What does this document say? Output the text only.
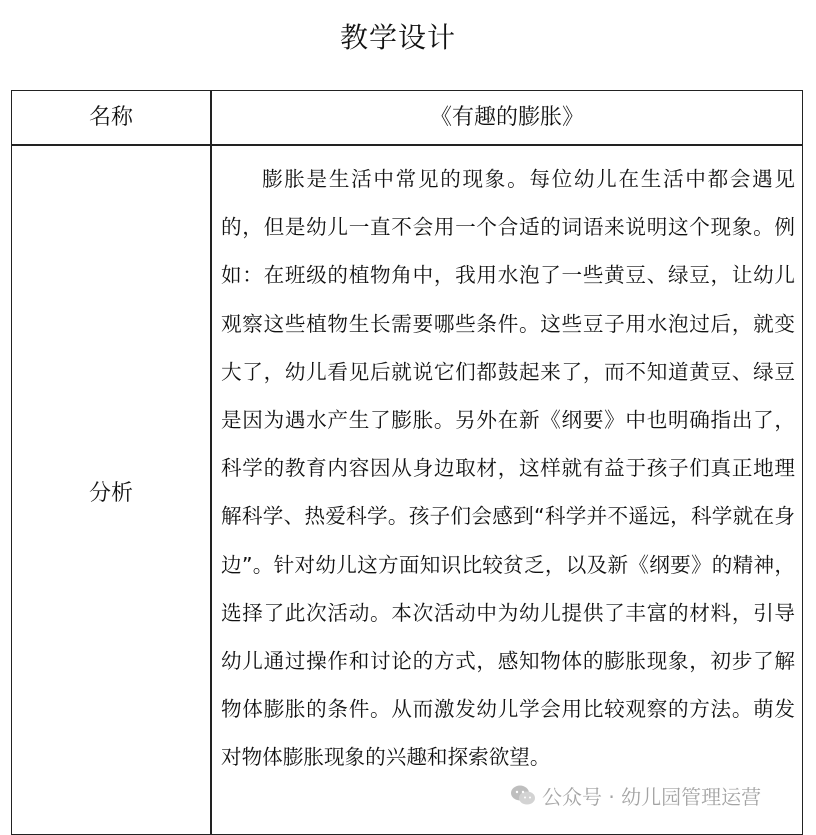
教学设计
名称	《有趣的膨胀》
分析

膨胀是生活中常见的现象。每位幼儿在生活中都会遇见的，但是幼儿一直不会用一个合适的词语来说明这个现象。例如：在班级的植物角中，我用水泡了一些黄豆、绿豆，让幼儿观察这些植物生长需要哪些条件。这些豆子用水泡过后，就变大了，幼儿看见后就说它们都鼓起来了，而不知道黄豆、绿豆是因为遇水产生了膨胀。另外在新《纲要》中也明确指出了，科学的教育内容因从身边取材，这样就有益于孩子们真正地理解科学、热爱科学。孩子们会感到“科学并不遥远，科学就在身边”。针对幼儿这方面知识比较贫乏，以及新《纲要》的精神，选择了此次活动。本次活动中为幼儿提供了丰富的材料，引导幼儿通过操作和讨论的方式，感知物体的膨胀现象，初步了解物体膨胀的条件。从而激发幼儿学会用比较观察的方法。萌发对物体膨胀现象的兴趣和探索欲望。

公众号 · 幼儿园管理运营
